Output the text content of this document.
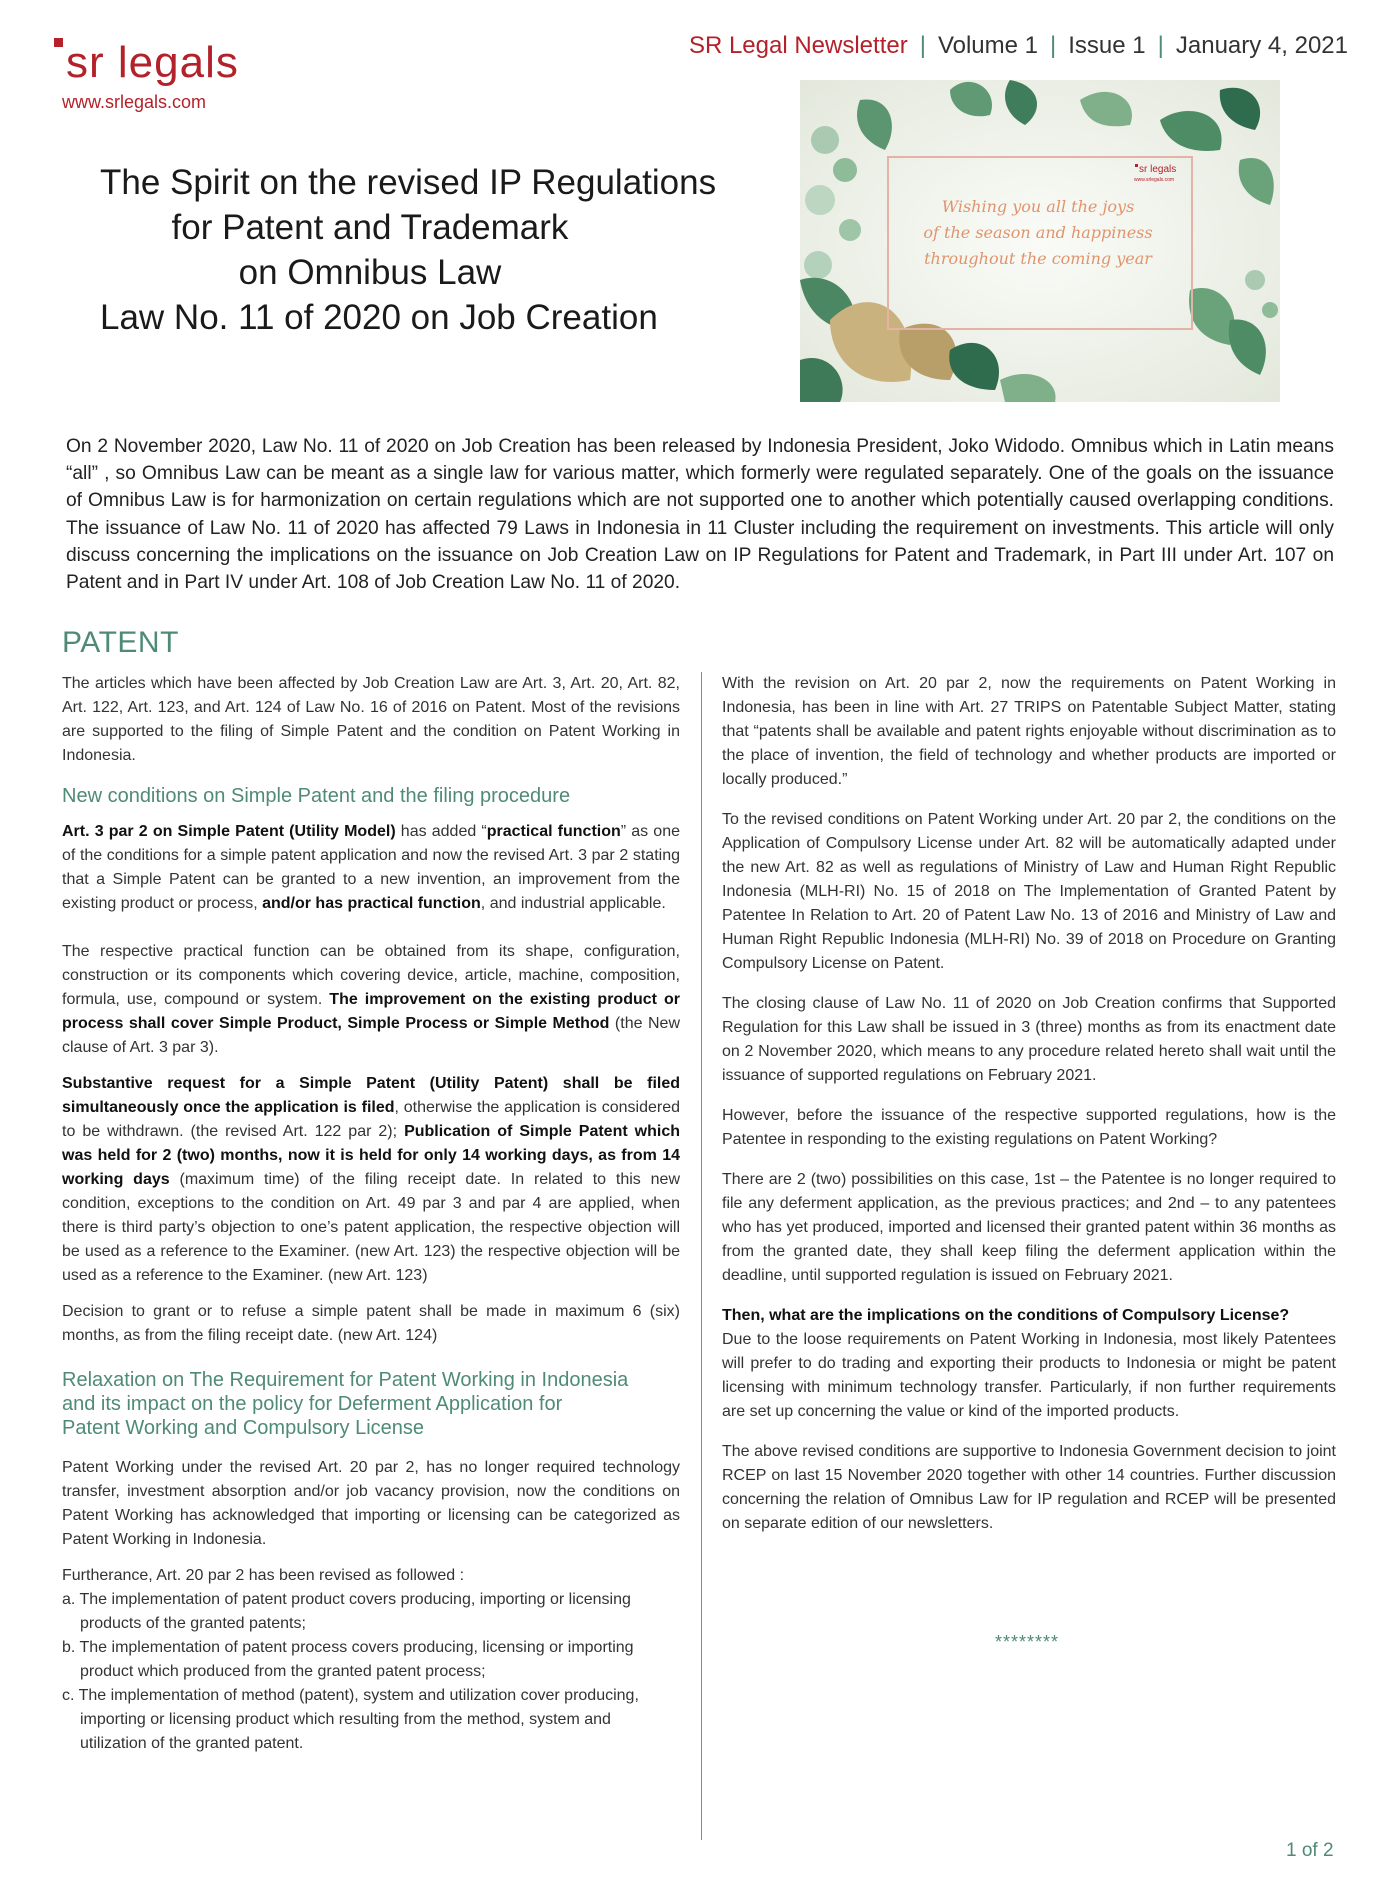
sr legals
www.srlegals.com
SR Legal Newsletter | Volume 1 | Issue 1 | January 4, 2021
The Spirit on the revised IP Regulations
for Patent and Trademark
on Omnibus Law
Law No. 11 of 2020 on Job Creation
sr legals
www.srlegals.com
Wishing you all the joys
of the season and happiness
throughout the coming year
On 2 November 2020, Law No. 11 of 2020 on Job Creation has been released by Indonesia President, Joko Widodo. Omnibus which in Latin means “all” , so Omnibus Law can be meant as a single law for various matter, which formerly were regulated separately. One of the goals on the issuance of Omnibus Law is for harmonization on certain regulations which are not supported one to another which potentially caused overlapping conditions. The issuance of Law No. 11 of 2020 has affected 79 Laws in Indonesia in 11 Cluster including the requirement on investments. This article will only discuss concerning the implications on the issuance on Job Creation Law on IP Regulations for Patent and Trademark, in Part III under Art. 107 on Patent and in Part IV under Art. 108 of Job Creation Law No. 11 of 2020.
PATENT

The articles which have been affected by Job Creation Law are Art. 3, Art. 20, Art. 82, Art. 122, Art. 123, and Art. 124 of Law No. 16 of 2016 on Patent. Most of the revisions are supported to the filing of Simple Patent and the condition on Patent Working in Indonesia.

New conditions on Simple Patent and the filing procedure

Art. 3 par 2 on Simple Patent (Utility Model) has added “practical function” as one of the conditions for a simple patent application and now the revised Art. 3 par 2 stating that a Simple Patent can be granted to a new invention, an improvement from the existing product or process, and/or has practical function, and industrial applicable.

The respective practical function can be obtained from its shape, configuration, construction or its components which covering device, article, machine, composition, formula, use, compound or system. The improvement on the existing product or process shall cover Simple Product, Simple Process or Simple Method (the New clause of Art. 3 par 3).

Substantive request for a Simple Patent (Utility Patent) shall be filed simultaneously once the application is filed, otherwise the application is considered to be withdrawn. (the revised Art. 122 par 2); Publication of Simple Patent which was held for 2 (two) months, now it is held for only 14 working days, as from 14 working days (maximum time) of the filing receipt date. In related to this new condition, exceptions to the condition on Art. 49 par 3 and par 4 are applied, when there is third party’s objection to one’s patent application, the respective objection will be used as a reference to the Examiner. (new Art. 123) the respective objection will be used as a reference to the Examiner. (new Art. 123)

Decision to grant or to refuse a simple patent shall be made in maximum 6 (six) months, as from the filing receipt date. (new Art. 124)

Relaxation on The Requirement for Patent Working in Indonesia
and its impact on the policy for Deferment Application for
Patent Working and Compulsory License

Patent Working under the revised Art. 20 par 2, has no longer required technology transfer, investment absorption and/or job vacancy provision, now the conditions on Patent Working has acknowledged that importing or licensing can be categorized as Patent Working in Indonesia.

Furtherance, Art. 20 par 2 has been revised as followed :

a. The implementation of patent product covers producing, importing or licensing products of the granted patents;

b. The implementation of patent process covers producing, licensing or importing product which produced from the granted patent process;

c. The implementation of method (patent), system and utilization cover producing, importing or licensing product which resulting from the method, system and utilization of the granted patent.

With the revision on Art. 20 par 2, now the requirements on Patent Working in Indonesia, has been in line with Art. 27 TRIPS on Patentable Subject Matter, stating that “patents shall be available and patent rights enjoyable without discrimination as to the place of invention, the field of technology and whether products are imported or locally produced.”

To the revised conditions on Patent Working under Art. 20 par 2, the conditions on the Application of Compulsory License under Art. 82 will be automatically adapted under the new Art. 82 as well as regulations of Ministry of Law and Human Right Republic Indonesia (MLH-RI) No. 15 of 2018 on The Implementation of Granted Patent by Patentee In Relation to Art. 20 of Patent Law No. 13 of 2016 and Ministry of Law and Human Right Republic Indonesia (MLH-RI) No. 39 of 2018 on Procedure on Granting Compulsory License on Patent.

The closing clause of Law No. 11 of 2020 on Job Creation confirms that Supported Regulation for this Law shall be issued in 3 (three) months as from its enactment date on 2 November 2020, which means to any procedure related hereto shall wait until the issuance of supported regulations on February 2021.

However, before the issuance of the respective supported regulations, how is the Patentee in responding to the existing regulations on Patent Working?

There are 2 (two) possibilities on this case, 1st – the Patentee is no longer required to file any deferment application, as the previous practices; and 2nd – to any patentees who has yet produced, imported and licensed their granted patent within 36 months as from the granted date, they shall keep filing the deferment application within the deadline, until supported regulation is issued on February 2021.

Then, what are the implications on the conditions of Compulsory License?

Due to the loose requirements on Patent Working in Indonesia, most likely Patentees will prefer to do trading and exporting their products to Indonesia or might be patent licensing with minimum technology transfer. Particularly, if non further requirements are set up concerning the value or kind of the imported products.

The above revised conditions are supportive to Indonesia Government decision to joint RCEP on last 15 November 2020 together with other 14 countries. Further discussion concerning the relation of Omnibus Law for IP regulation and RCEP will be presented on separate edition of our newsletters.

********
1 of 2
